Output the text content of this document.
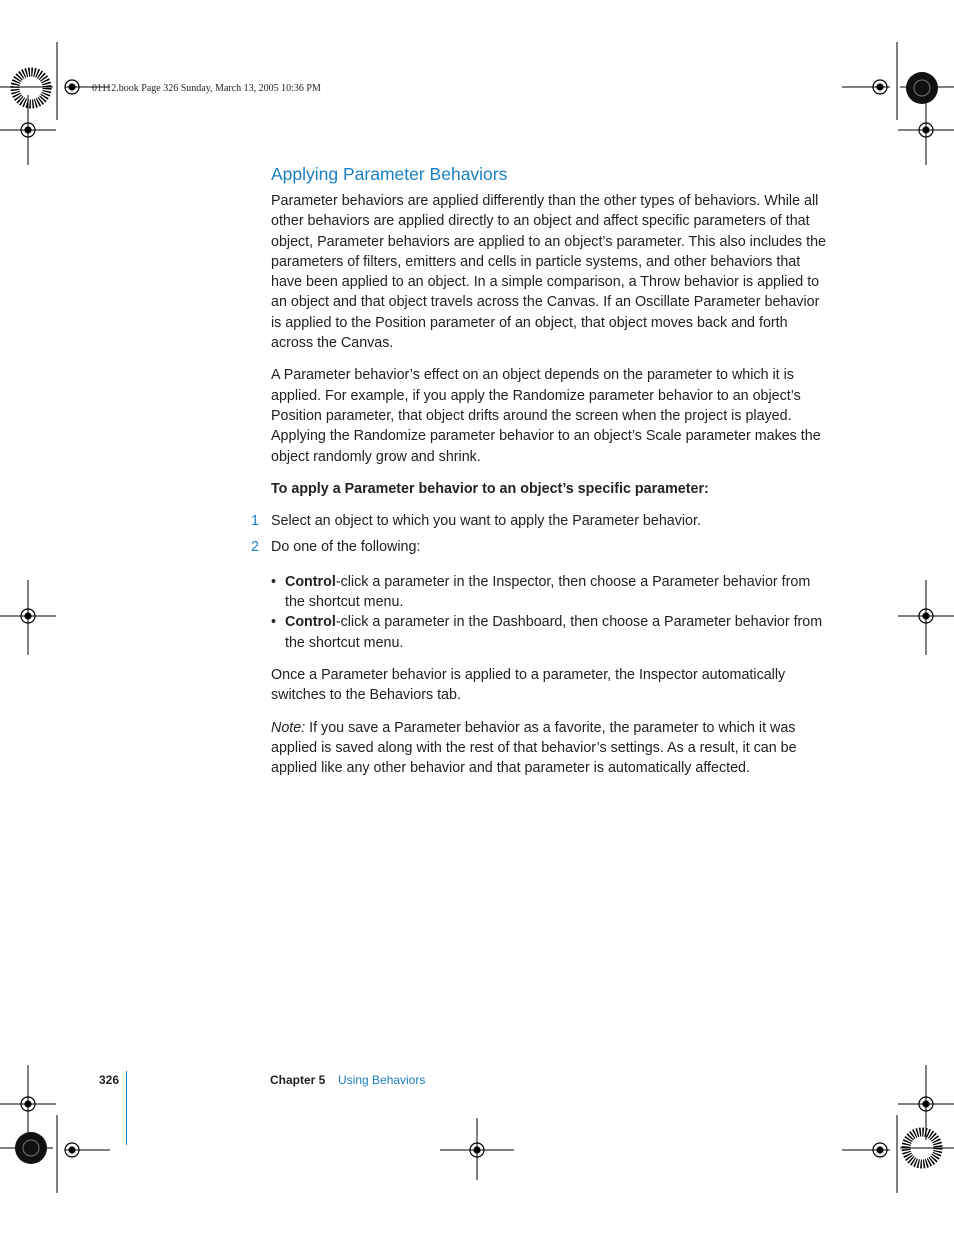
01112.book Page 326 Sunday, March 13, 2005 10:36 PM
Applying Parameter Behaviors

Parameter behaviors are applied differently than the other types of behaviors. While all other behaviors are applied directly to an object and affect specific parameters of that object, Parameter behaviors are applied to an object’s parameter. This also includes the parameters of filters, emitters and cells in particle systems, and other behaviors that have been applied to an object. In a simple comparison, a Throw behavior is applied to an object and that object travels across the Canvas. If an Oscillate Parameter behavior is applied to the Position parameter of an object, that object moves back and forth across the Canvas.

A Parameter behavior’s effect on an object depends on the parameter to which it is applied. For example, if you apply the Randomize parameter behavior to an object’s Position parameter, that object drifts around the screen when the project is played. Applying the Randomize parameter behavior to an object’s Scale parameter makes the object randomly grow and shrink.

To apply a Parameter behavior to an object’s specific parameter:

1 Select an object to which you want to apply the Parameter behavior.
2 Do one of the following:

• Control-click a parameter in the Inspector, then choose a Parameter behavior from the shortcut menu.

• Control-click a parameter in the Dashboard, then choose a Parameter behavior from the shortcut menu.

Once a Parameter behavior is applied to a parameter, the Inspector automatically switches to the Behaviors tab.

Note: If you save a Parameter behavior as a favorite, the parameter to which it was applied is saved along with the rest of that behavior’s settings. As a result, it can be applied like any other behavior and that parameter is automatically affected.

326	Chapter 5 Using Behaviors
